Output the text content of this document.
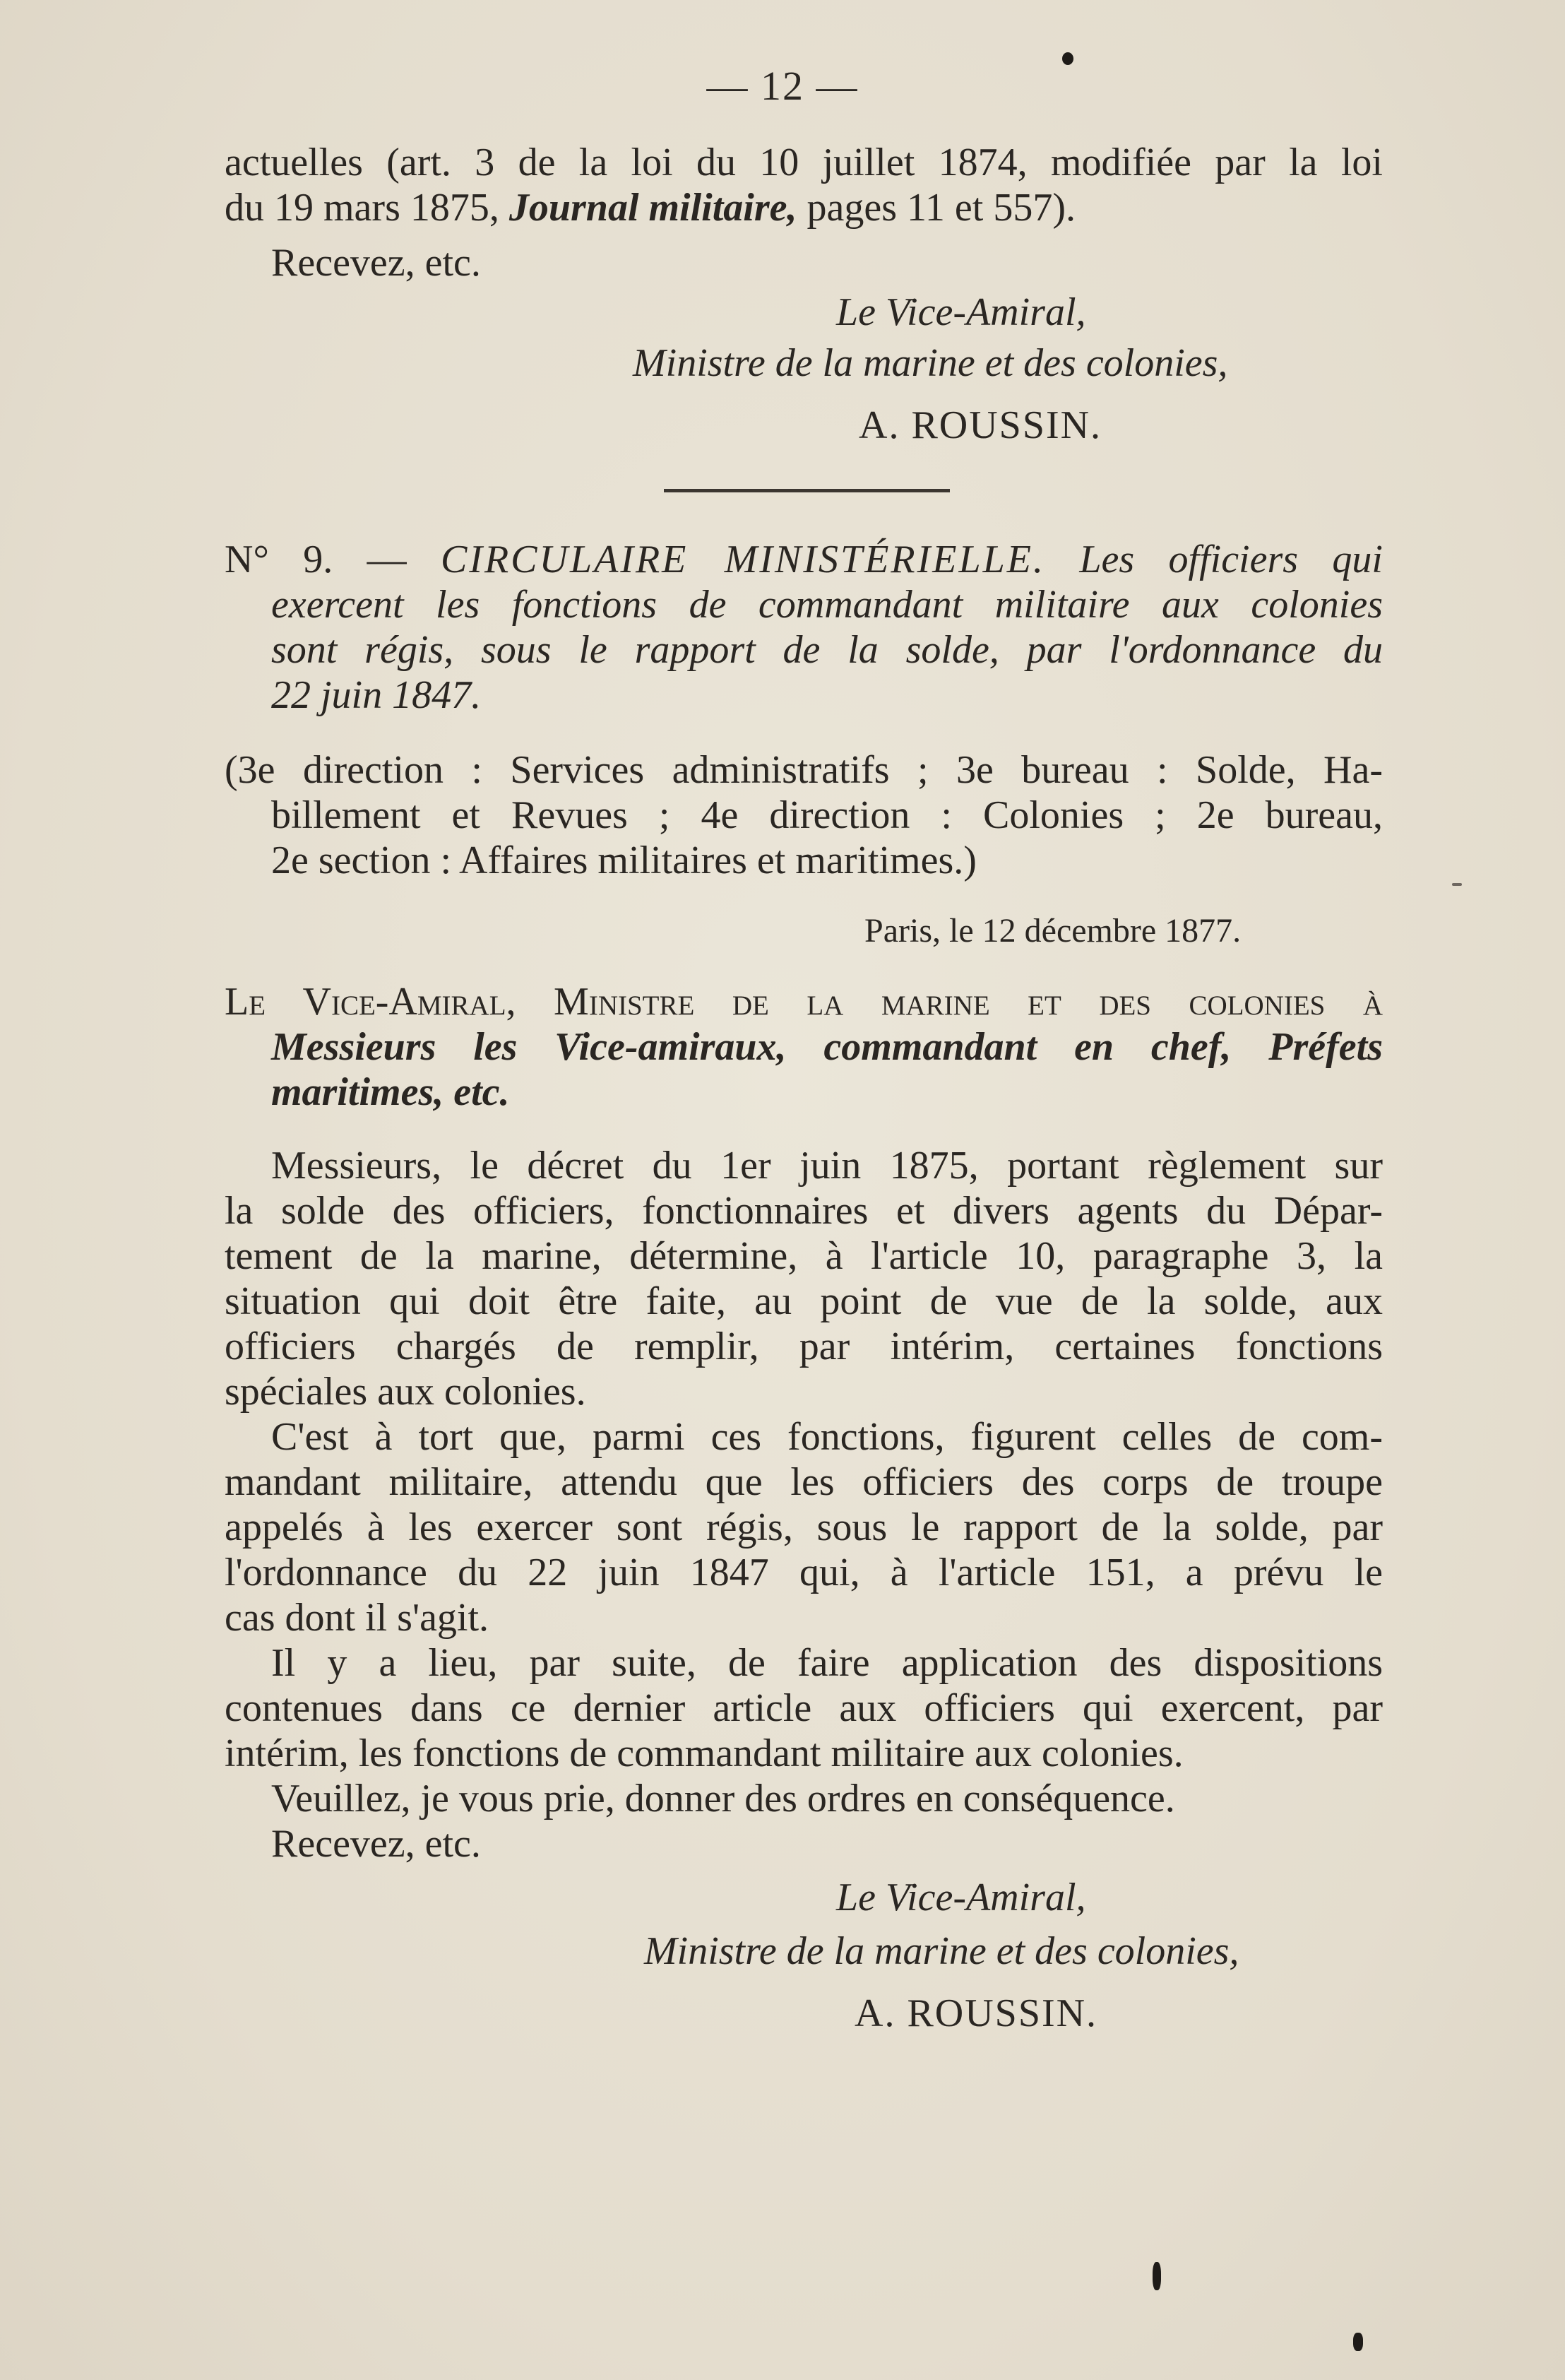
— 12 —
actuelles (art. 3 de la loi du 10 juillet 1874, modifiée par la loi
du 19 mars 1875, Journal militaire, pages 11 et 557).
Recevez, etc.
Le Vice-Amiral,
Ministre de la marine et des colonies,
A. ROUSSIN.
N° 9. — CIRCULAIRE MINISTÉRIELLE. Les officiers qui
exercent les fonctions de commandant militaire aux colonies
sont régis, sous le rapport de la solde, par l'ordonnance du
22 juin 1847.
(3e direction : Services administratifs ; 3e bureau : Solde, Ha-
billement et Revues ; 4e direction : Colonies ; 2e bureau,
2e section : Affaires militaires et maritimes.)
Paris, le 12 décembre 1877.
Le Vice-Amiral, Ministre de la marine et des colonies à
Messieurs les Vice-amiraux, commandant en chef, Préfets
maritimes, etc.
Messieurs, le décret du 1er juin 1875, portant règlement sur
la solde des officiers, fonctionnaires et divers agents du Dépar-
tement de la marine, détermine, à l'article 10, paragraphe 3, la
situation qui doit être faite, au point de vue de la solde, aux
officiers chargés de remplir, par intérim, certaines fonctions
spéciales aux colonies.
C'est à tort que, parmi ces fonctions, figurent celles de com-
mandant militaire, attendu que les officiers des corps de troupe
appelés à les exercer sont régis, sous le rapport de la solde, par
l'ordonnance du 22 juin 1847 qui, à l'article 151, a prévu le
cas dont il s'agit.
Il y a lieu, par suite, de faire application des dispositions
contenues dans ce dernier article aux officiers qui exercent, par
intérim, les fonctions de commandant militaire aux colonies.
Veuillez, je vous prie, donner des ordres en conséquence.
Recevez, etc.
Le Vice-Amiral,
Ministre de la marine et des colonies,
A. ROUSSIN.
